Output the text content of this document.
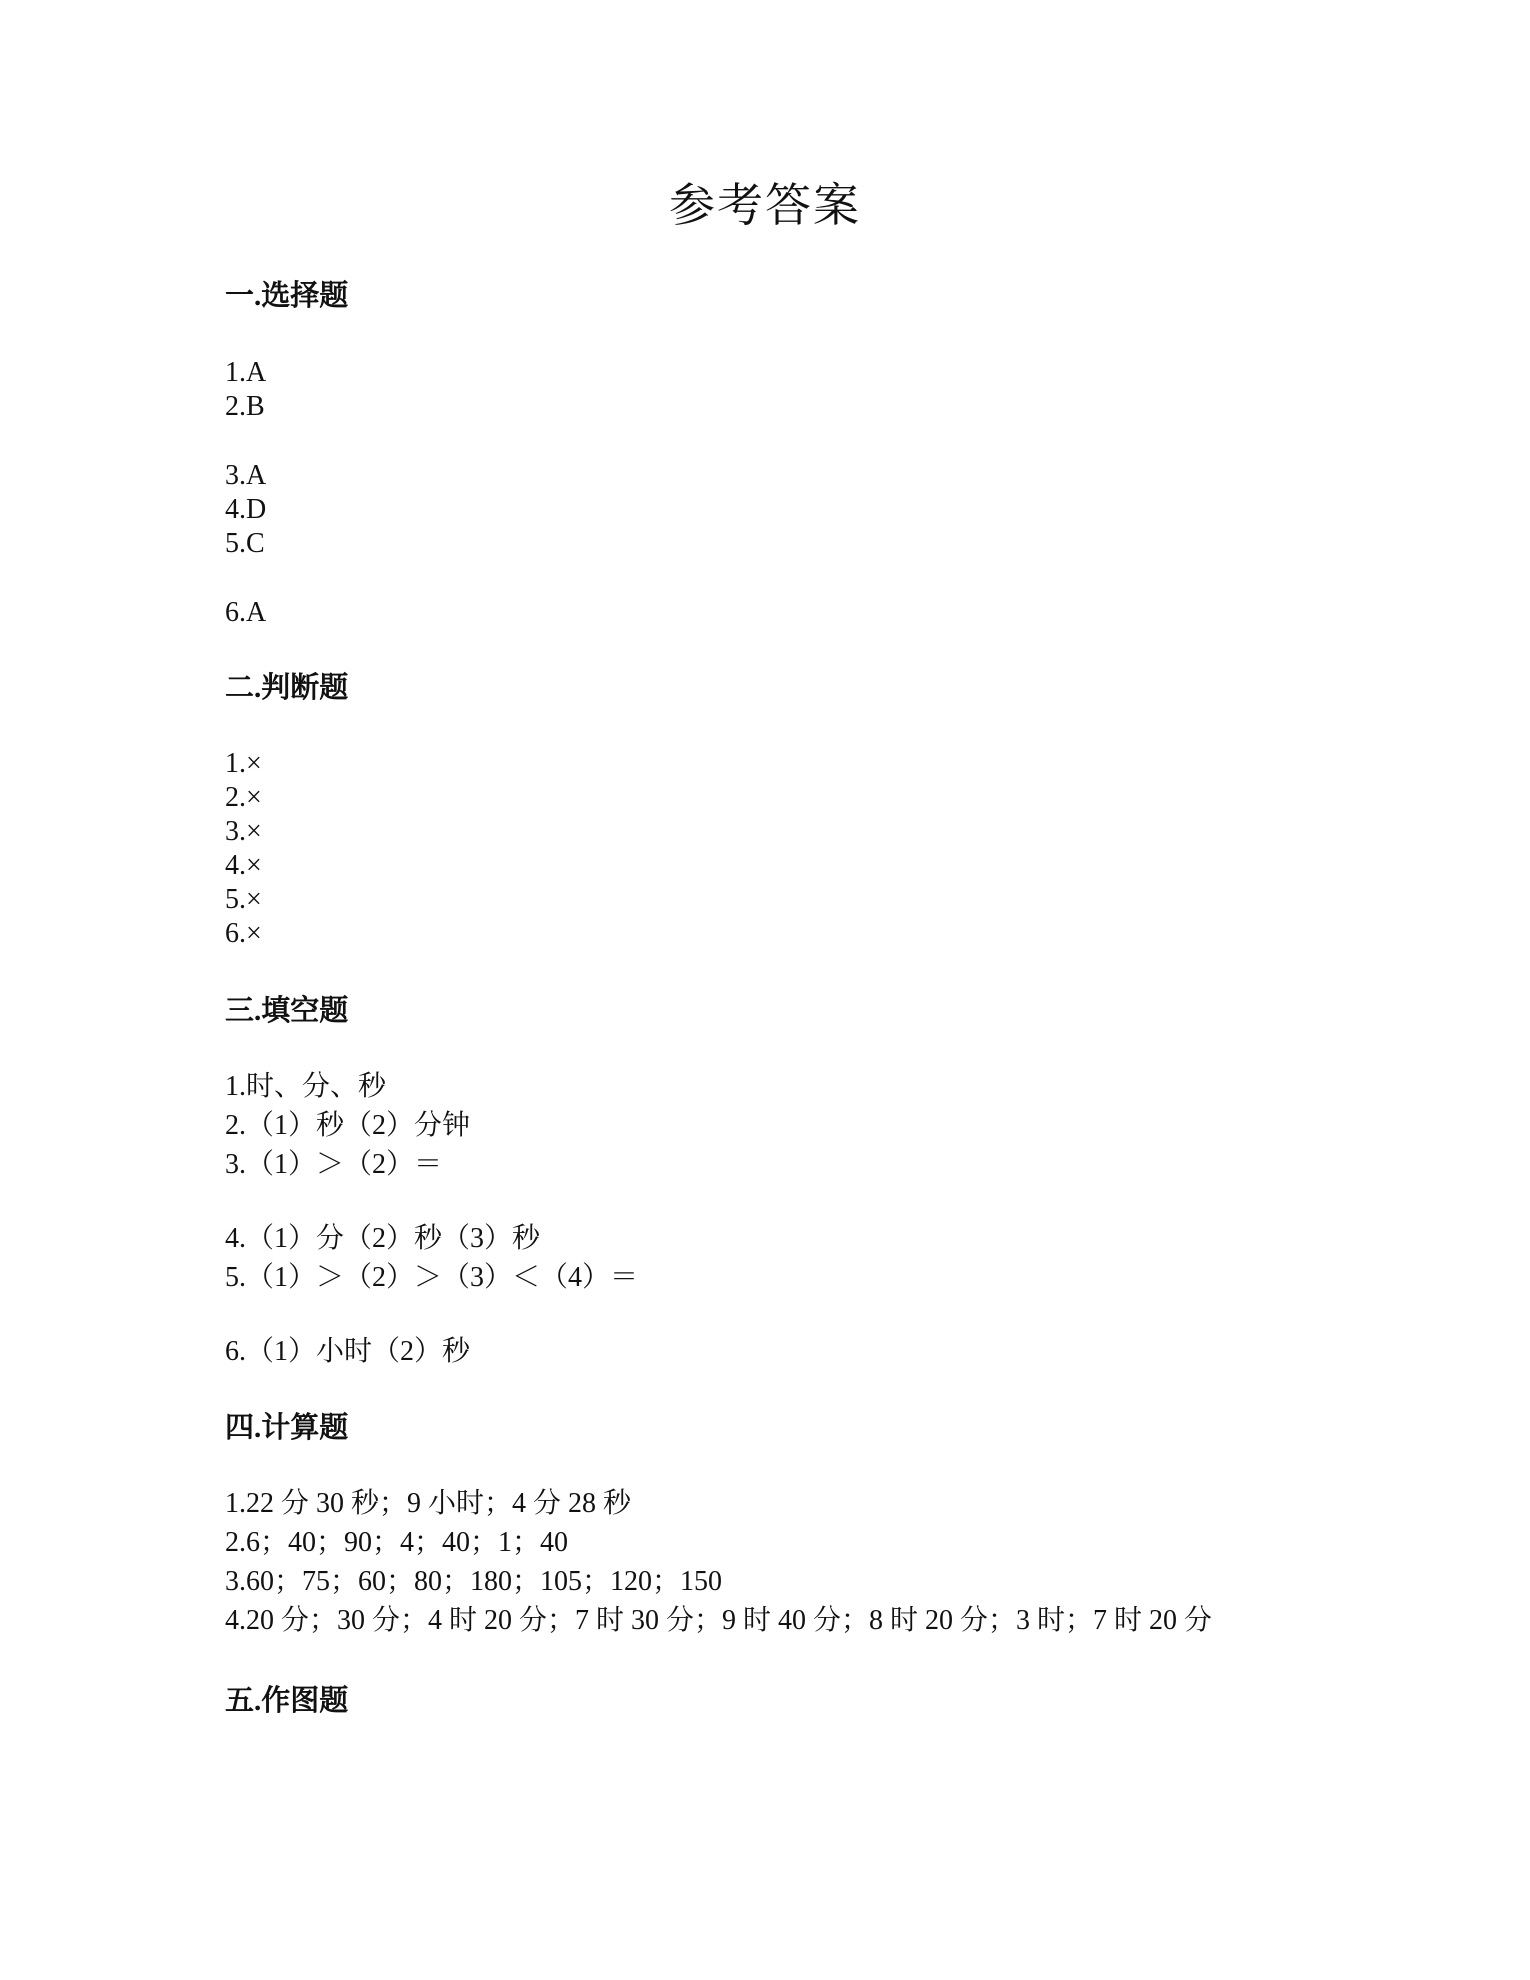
参考答案
一.选择题
1.A
2.B
3.A
4.D
5.C
6.A
二.判断题
1.×
2.×
3.×
4.×
5.×
6.×
三.填空题
1.时、分、秒
2.（1）秒（2）分钟
3.（1）＞（2）＝
4.（1）分（2）秒（3）秒
5.（1）＞（2）＞（3）＜（4）＝
6.（1）小时（2）秒
四.计算题
1.22 分 30 秒；9 小时；4 分 28 秒
2.6；40；90；4；40；1；40
3.60；75；60；80；180；105；120；150
4.20 分；30 分；4 时 20 分；7 时 30 分；9 时 40 分；8 时 20 分；3 时；7 时 20 分
五.作图题
